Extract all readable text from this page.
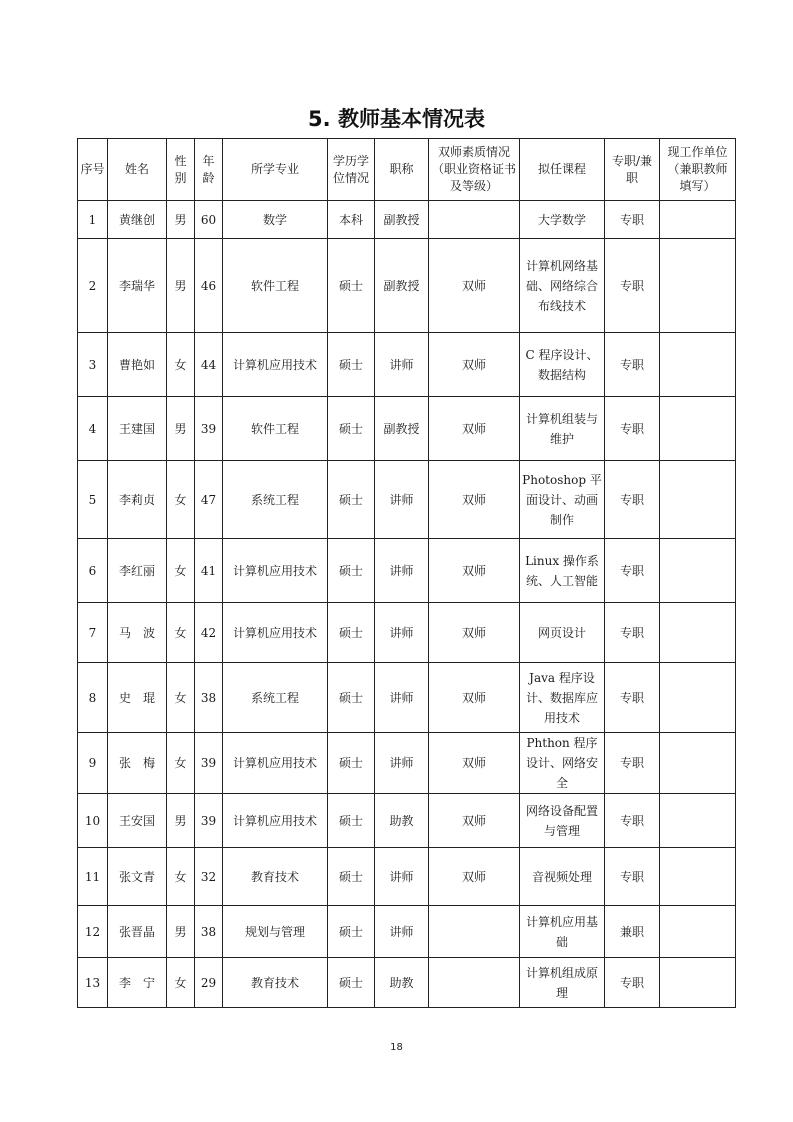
5. 教师基本情况表
序号	姓名	性别	年龄	所学专业	学历学位情况	职称	双师素质情况（职业资格证书及等级）	拟任课程	专职/兼职	现工作单位（兼职教师填写）
1	黄继创	男	60	数学	本科	副教授		大学数学	专职	
2	李瑞华	男	46	软件工程	硕士	副教授	双师	计算机网络基础、网络综合布线技术	专职	
3	曹艳如	女	44	计算机应用技术	硕士	讲师	双师	C 程序设计、数据结构	专职	
4	王建国	男	39	软件工程	硕士	副教授	双师	计算机组装与维护	专职	
5	李莉贞	女	47	系统工程	硕士	讲师	双师	Photoshop 平面设计、动画制作	专职	
6	李红丽	女	41	计算机应用技术	硕士	讲师	双师	Linux 操作系统、人工智能	专职	
7	马　波	女	42	计算机应用技术	硕士	讲师	双师	网页设计	专职	
8	史　琨	女	38	系统工程	硕士	讲师	双师	Java 程序设计、数据库应用技术	专职	
9	张　梅	女	39	计算机应用技术	硕士	讲师	双师	Phthon 程序设计、网络安全	专职	
10	王安国	男	39	计算机应用技术	硕士	助教	双师	网络设备配置与管理	专职	
11	张文青	女	32	教育技术	硕士	讲师	双师	音视频处理	专职	
12	张晋晶	男	38	规划与管理	硕士	讲师		计算机应用基础	兼职	
13	李　宁	女	29	教育技术	硕士	助教		计算机组成原理	专职	
18
